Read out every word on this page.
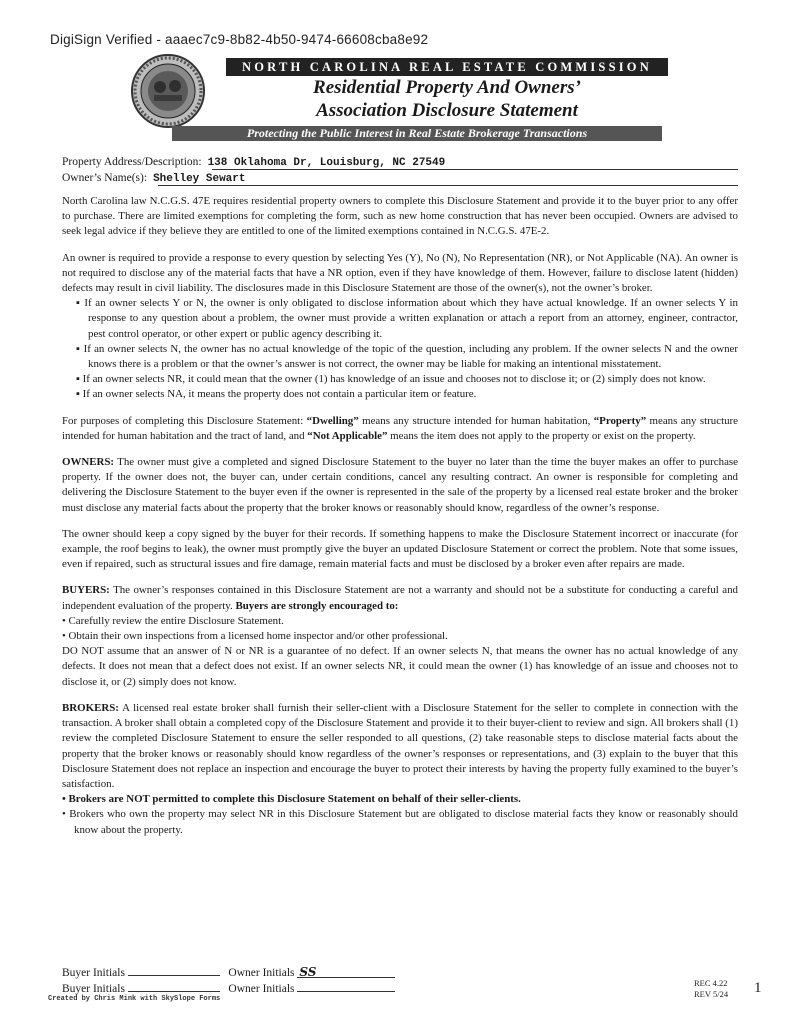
DigiSign Verified - aaaec7c9-8b82-4b50-9474-66608cba8e92
NORTH CAROLINA REAL ESTATE COMMISSION
Residential Property And Owners’
Association Disclosure Statement
Protecting the Public Interest in Real Estate Brokerage Transactions
Property Address/Description: 138 Oklahoma Dr, Louisburg, NC 27549
Owner’s Name(s): Shelley Sewart

North Carolina law N.C.G.S. 47E requires residential property owners to complete this Disclosure Statement and provide it to the buyer prior to any offer to purchase. There are limited exemptions for completing the form, such as new home construction that has never been occupied. Owners are advised to seek legal advice if they believe they are entitled to one of the limited exemptions contained in N.C.G.S. 47E-2.

An owner is required to provide a response to every question by selecting Yes (Y), No (N), No Representation (NR), or Not Applicable (NA). An owner is not required to disclose any of the material facts that have a NR option, even if they have knowledge of them. However, failure to disclose latent (hidden) defects may result in civil liability. The disclosures made in this Disclosure Statement are those of the owner(s), not the owner’s broker.

▪ If an owner selects Y or N, the owner is only obligated to disclose information about which they have actual knowledge. If an owner selects Y in response to any question about a problem, the owner must provide a written explanation or attach a report from an attorney, engineer, contractor, pest control operator, or other expert or public agency describing it.

▪ If an owner selects N, the owner has no actual knowledge of the topic of the question, including any problem. If the owner selects N and the owner knows there is a problem or that the owner’s answer is not correct, the owner may be liable for making an intentional misstatement.

▪ If an owner selects NR, it could mean that the owner (1) has knowledge of an issue and chooses not to disclose it; or (2) simply does not know.

▪ If an owner selects NA, it means the property does not contain a particular item or feature.

For purposes of completing this Disclosure Statement: “Dwelling” means any structure intended for human habitation, “Property” means any structure intended for human habitation and the tract of land, and “Not Applicable” means the item does not apply to the property or exist on the property.

OWNERS: The owner must give a completed and signed Disclosure Statement to the buyer no later than the time the buyer makes an offer to purchase property. If the owner does not, the buyer can, under certain conditions, cancel any resulting contract. An owner is responsible for completing and delivering the Disclosure Statement to the buyer even if the owner is represented in the sale of the property by a licensed real estate broker and the broker must disclose any material facts about the property that the broker knows or reasonably should know, regardless of the owner’s response.

The owner should keep a copy signed by the buyer for their records. If something happens to make the Disclosure Statement incorrect or inaccurate (for example, the roof begins to leak), the owner must promptly give the buyer an updated Disclosure Statement or correct the problem. Note that some issues, even if repaired, such as structural issues and fire damage, remain material facts and must be disclosed by a broker even after repairs are made.

BUYERS: The owner’s responses contained in this Disclosure Statement are not a warranty and should not be a substitute for conducting a careful and independent evaluation of the property. Buyers are strongly encouraged to:

• Carefully review the entire Disclosure Statement.

• Obtain their own inspections from a licensed home inspector and/or other professional.

DO NOT assume that an answer of N or NR is a guarantee of no defect. If an owner selects N, that means the owner has no actual knowledge of any defects. It does not mean that a defect does not exist. If an owner selects NR, it could mean the owner (1) has knowledge of an issue and chooses not to disclose it, or (2) simply does not know.

BROKERS: A licensed real estate broker shall furnish their seller-client with a Disclosure Statement for the seller to complete in connection with the transaction. A broker shall obtain a completed copy of the Disclosure Statement and provide it to their buyer-client to review and sign. All brokers shall (1) review the completed Disclosure Statement to ensure the seller responded to all questions, (2) take reasonable steps to disclose material facts about the property that the broker knows or reasonably should know regardless of the owner’s responses or representations, and (3) explain to the buyer that this Disclosure Statement does not replace an inspection and encourage the buyer to protect their interests by having the property fully examined to the buyer’s satisfaction.

• Brokers are NOT permitted to complete this Disclosure Statement on behalf of their seller-clients.

• Brokers who own the property may select NR in this Disclosure Statement but are obligated to disclose material facts they know or reasonably should know about the property.

Buyer Initials	Owner Initials SS
Buyer Initials	Owner Initials
Created by Chris Mink with SkySlope Forms
REC 4.22
REV 5/24 1
